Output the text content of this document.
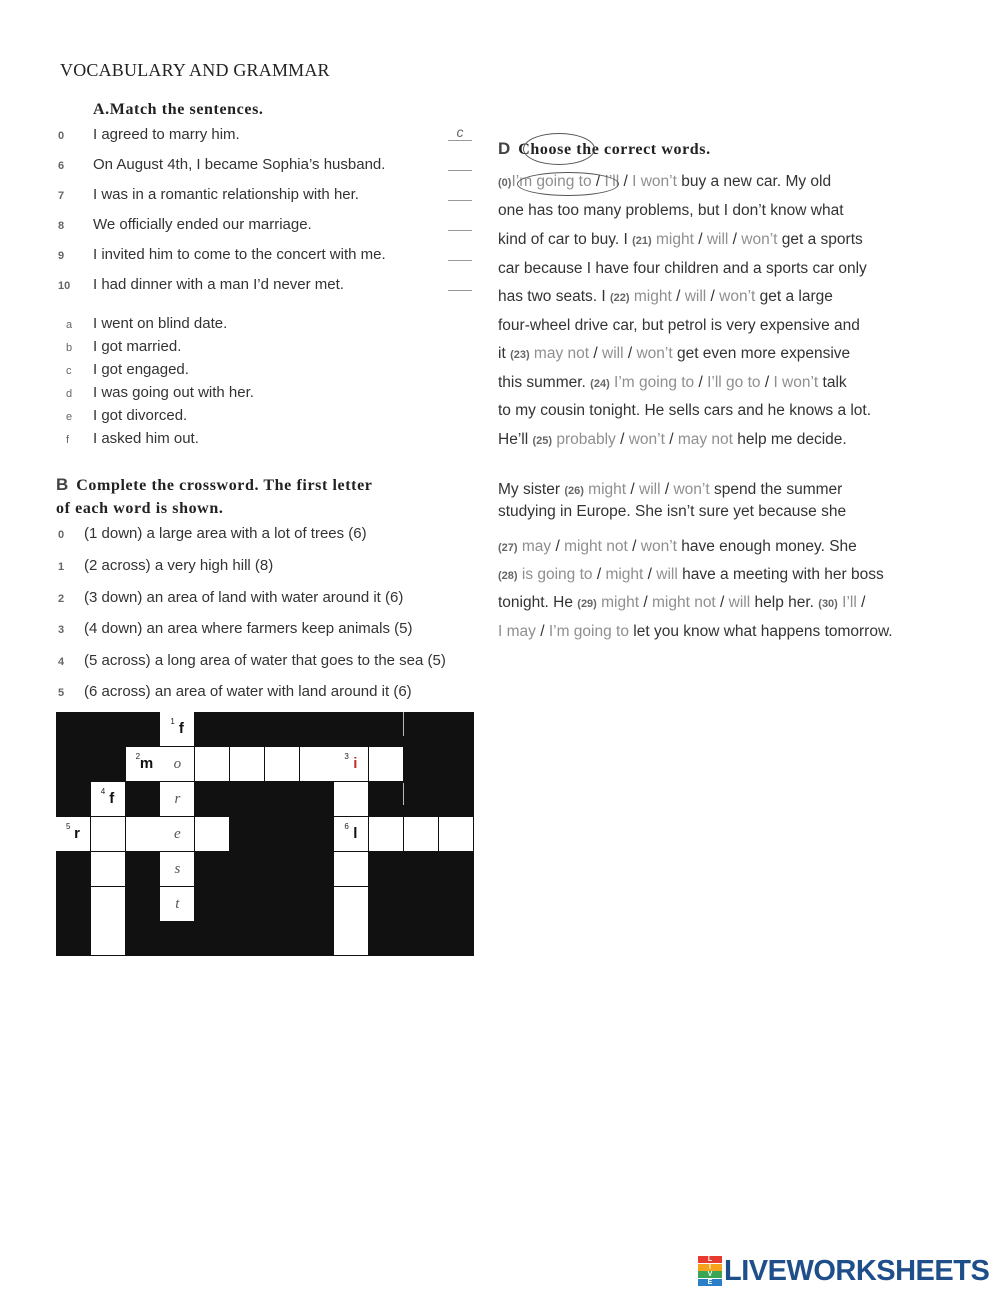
VOCABULARY AND GRAMMAR
A.Match the sentences.
0	I agreed to marry him.	c
6	On August 4th, I became Sophia’s husband.
7	I was in a romantic relationship with her.
8	We officially ended our marriage.
9	I invited him to come to the concert with me.
10	I had dinner with a man I’d never met.
a I went on blind date.
b I got married.
c I got engaged.
d I was going out with her.
e I got divorced.
f I asked him out.
B Complete the crossword. The first letter
of each word is shown.
0	(1 down) a large area with a lot of trees (6)
1	(2 across) a very high hill (8)
2	(3 down) an area of land with water around it (6)
3	(4 down) an area where farmers keep animals (5)
4	(5 across) a long area of water that goes to the sea (5)
5	(6 across) an area of water with land around it (6)
1 f
2 m	o	3 i
4 f	r
5 r	e	6 l
s
t
D Choose the correct words.
(0)I’m going to / I’ll / I won’t buy a new car. My old
one has too many problems, but I don’t know what
kind of car to buy. I (21) might / will / won’t get a sports
car because I have four children and a sports car only
has two seats. I (22) might / will / won’t get a large
four-wheel drive car, but petrol is very expensive and
it (23) may not / will / won’t get even more expensive
this summer. (24) I’m going to / I’ll go to / I won’t talk
to my cousin tonight. He sells cars and he knows a lot.
He’ll (25) probably / won’t / may not help me decide.
My sister (26) might / will / won’t spend the summer
studying in Europe. She isn’t sure yet because she
(27) may / might not / won’t have enough money. She
(28) is going to / might / will have a meeting with her boss
tonight. He (29) might / might not / will help her. (30) I’ll /
I may / I’m going to let you know what happens tomorrow.
L
I
V
E LIVEWORKSHEETS
